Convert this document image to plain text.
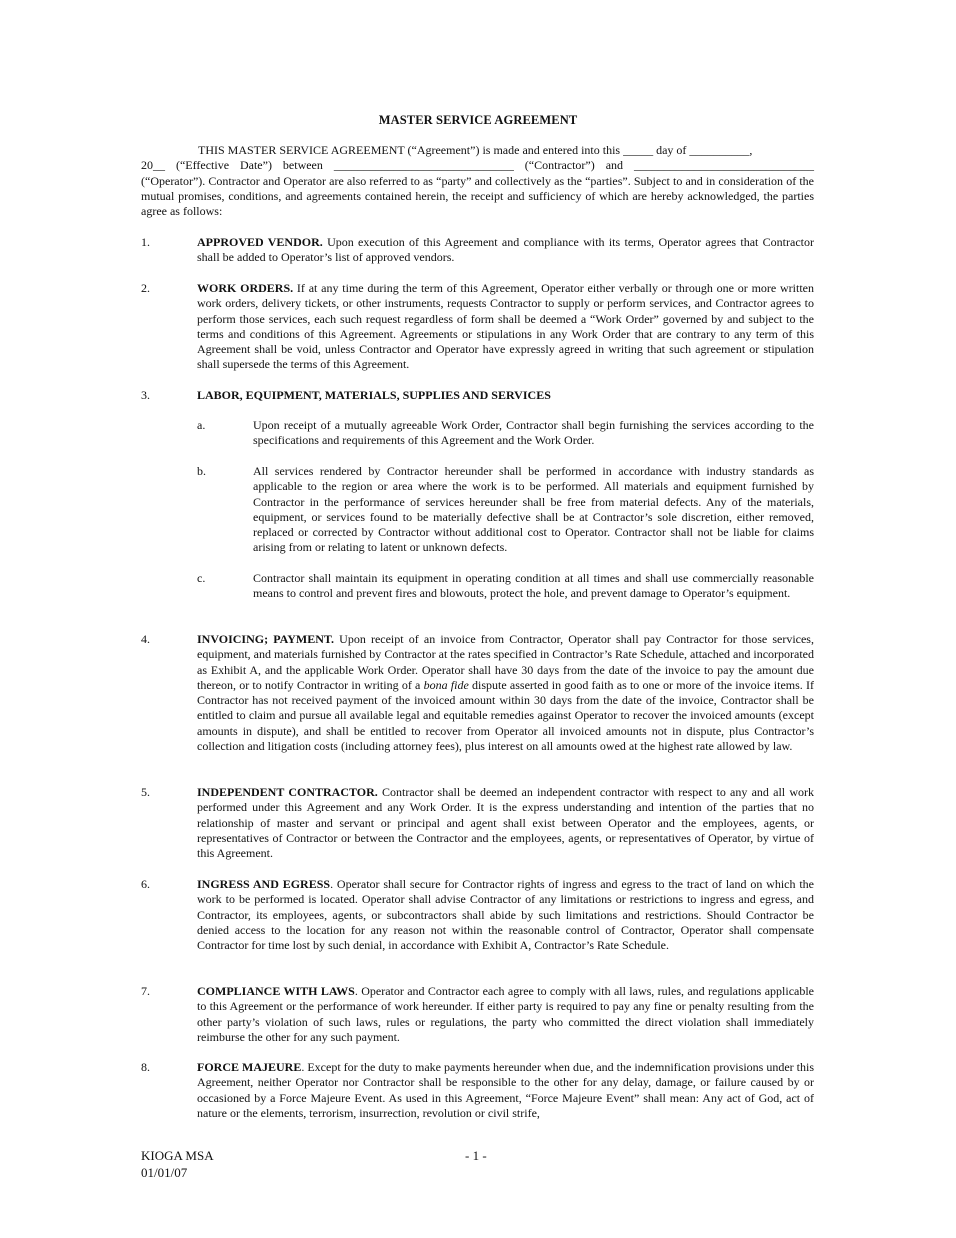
MASTER SERVICE AGREEMENT
THIS MASTER SERVICE AGREEMENT (“Agreement”) is made and entered into this _____ day of __________,
20__ (“Effective Date”) between ______________________________ (“Contractor”) and ______________________________ (“Operator”). Contractor and Operator are also referred to as “party” and collectively as the “parties”. Subject to and in consideration of the mutual promises, conditions, and agreements contained herein, the receipt and sufficiency of which are hereby acknowledged, the parties agree as follows:
1.	APPROVED VENDOR. Upon execution of this Agreement and compliance with its terms, Operator agrees that Contractor shall be added to Operator’s list of approved vendors.
2.	WORK ORDERS. If at any time during the term of this Agreement, Operator either verbally or through one or more written work orders, delivery tickets, or other instruments, requests Contractor to supply or perform services, and Contractor agrees to perform those services, each such request regardless of form shall be deemed a “Work Order” governed by and subject to the terms and conditions of this Agreement. Agreements or stipulations in any Work Order that are contrary to any term of this Agreement shall be void, unless Contractor and Operator have expressly agreed in writing that such agreement or stipulation shall supersede the terms of this Agreement.
3.	LABOR, EQUIPMENT, MATERIALS, SUPPLIES AND SERVICES
a.	Upon receipt of a mutually agreeable Work Order, Contractor shall begin furnishing the services according to the specifications and requirements of this Agreement and the Work Order.
b.	All services rendered by Contractor hereunder shall be performed in accordance with industry standards as applicable to the region or area where the work is to be performed. All materials and equipment furnished by Contractor in the performance of services hereunder shall be free from material defects. Any of the materials, equipment, or services found to be materially defective shall be at Contractor’s sole discretion, either removed, replaced or corrected by Contractor without additional cost to Operator. Contractor shall not be liable for claims arising from or relating to latent or unknown defects.
c.	Contractor shall maintain its equipment in operating condition at all times and shall use commercially reasonable means to control and prevent fires and blowouts, protect the hole, and prevent damage to Operator’s equipment.
4.	INVOICING; PAYMENT. Upon receipt of an invoice from Contractor, Operator shall pay Contractor for those services, equipment, and materials furnished by Contractor at the rates specified in Contractor’s Rate Schedule, attached and incorporated as Exhibit A, and the applicable Work Order. Operator shall have 30 days from the date of the invoice to pay the amount due thereon, or to notify Contractor in writing of a bona fide dispute asserted in good faith as to one or more of the invoice items. If Contractor has not received payment of the invoiced amount within 30 days from the date of the invoice, Contractor shall be entitled to claim and pursue all available legal and equitable remedies against Operator to recover the invoiced amounts (except amounts in dispute), and shall be entitled to recover from Operator all invoiced amounts not in dispute, plus Contractor’s collection and litigation costs (including attorney fees), plus interest on all amounts owed at the highest rate allowed by law.
5.	INDEPENDENT CONTRACTOR. Contractor shall be deemed an independent contractor with respect to any and all work performed under this Agreement and any Work Order. It is the express understanding and intention of the parties that no relationship of master and servant or principal and agent shall exist between Operator and the employees, agents, or representatives of Contractor or between the Contractor and the employees, agents, or representatives of Operator, by virtue of this Agreement.
6.	INGRESS AND EGRESS. Operator shall secure for Contractor rights of ingress and egress to the tract of land on which the work to be performed is located. Operator shall advise Contractor of any limitations or restrictions to ingress and egress, and Contractor, its employees, agents, or subcontractors shall abide by such limitations and restrictions. Should Contractor be denied access to the location for any reason not within the reasonable control of Contractor, Operator shall compensate Contractor for time lost by such denial, in accordance with Exhibit A, Contractor’s Rate Schedule.
7.	COMPLIANCE WITH LAWS. Operator and Contractor each agree to comply with all laws, rules, and regulations applicable to this Agreement or the performance of work hereunder. If either party is required to pay any fine or penalty resulting from the other party’s violation of such laws, rules or regulations, the party who committed the direct violation shall immediately reimburse the other for any such payment.
8.	FORCE MAJEURE. Except for the duty to make payments hereunder when due, and the indemnification provisions under this Agreement, neither Operator nor Contractor shall be responsible to the other for any delay, damage, or failure caused by or occasioned by a Force Majeure Event. As used in this Agreement, “Force Majeure Event” shall mean: Any act of God, act of nature or the elements, terrorism, insurrection, revolution or civil strife,
KIOGA MSA
01/01/07
- 1 -
